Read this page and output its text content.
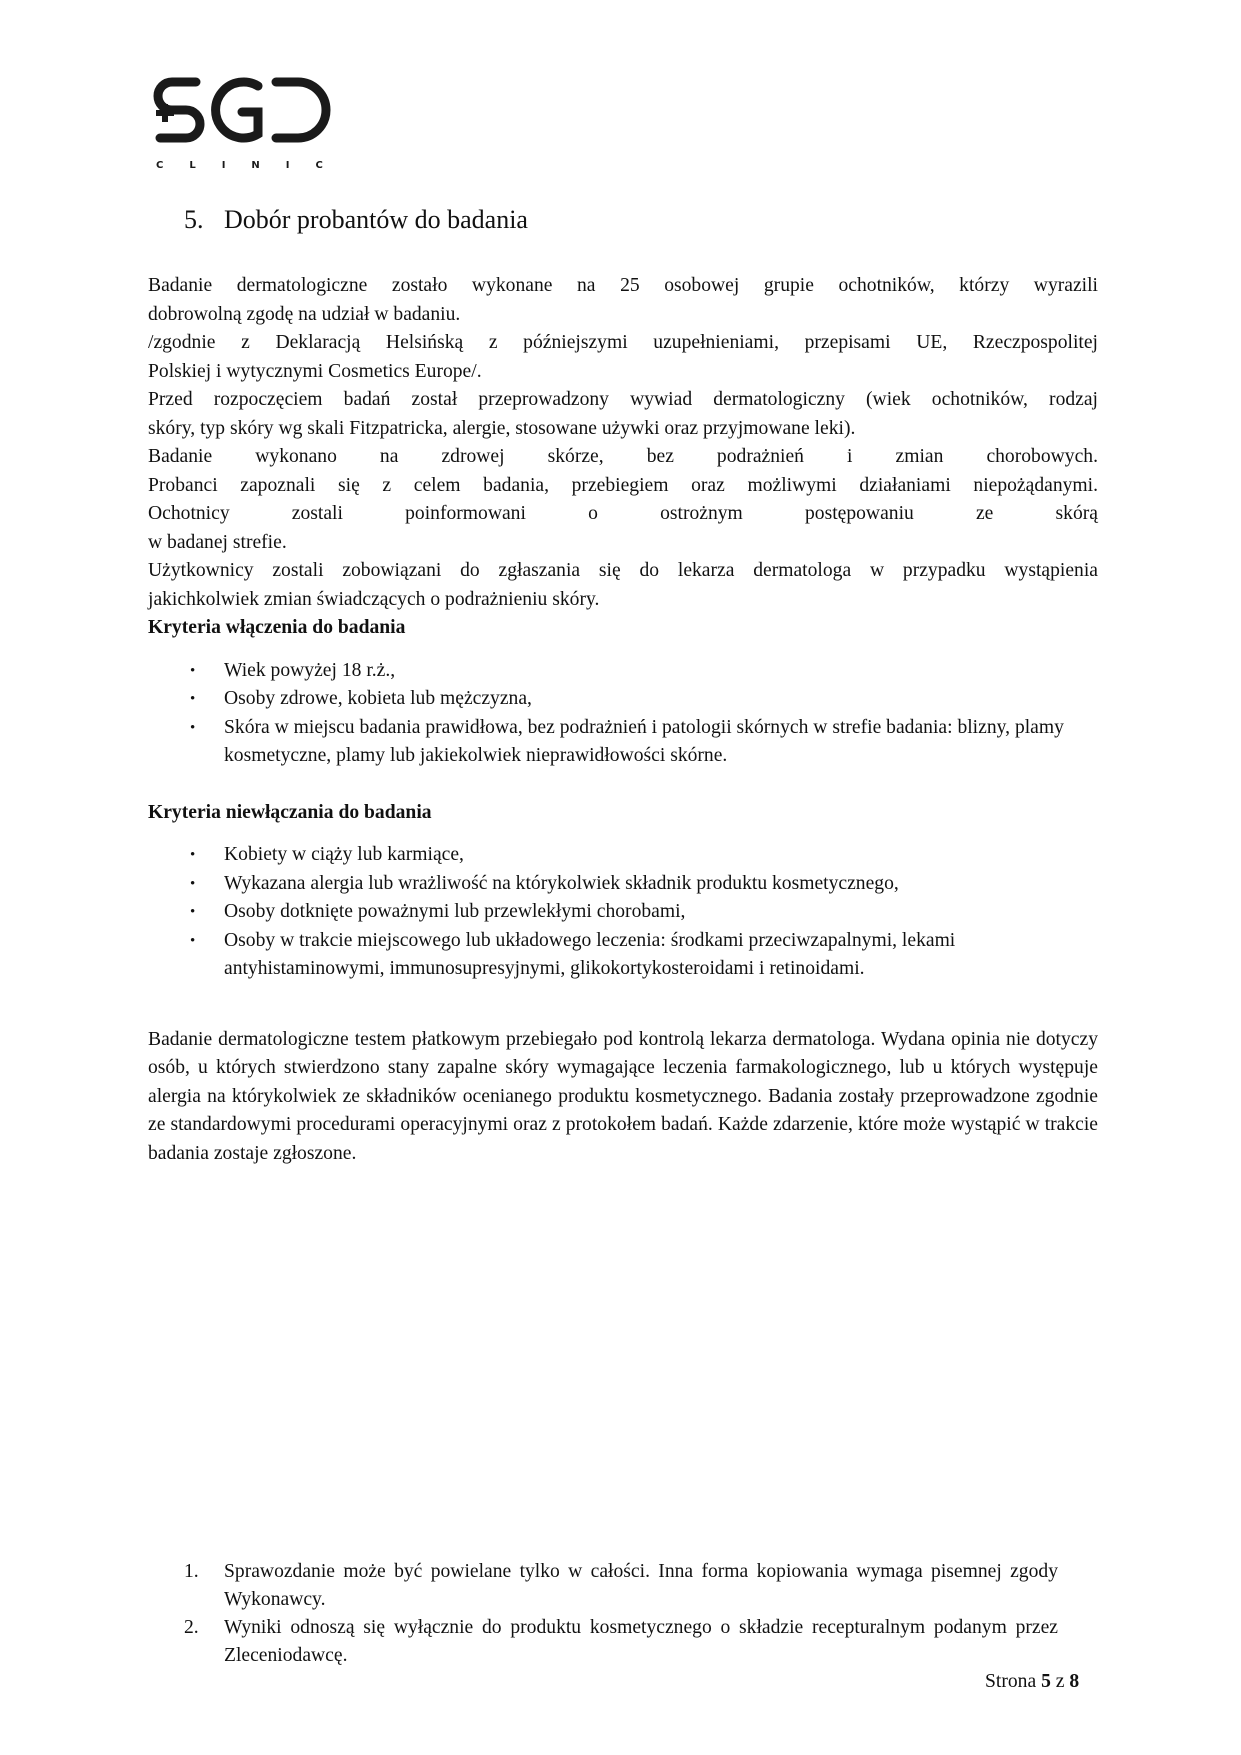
CLINIC
5. Dobór probantów do badania

Badanie dermatologiczne zostało wykonane na 25 osobowej grupie ochotników, którzy wyrazili

dobrowolną zgodę na udział w badaniu.

/zgodnie z Deklaracją Helsińską z późniejszymi uzupełnieniami, przepisami UE, Rzeczpospolitej

Polskiej i wytycznymi Cosmetics Europe/.

Przed rozpoczęciem badań został przeprowadzony wywiad dermatologiczny (wiek ochotników, rodzaj

skóry, typ skóry wg skali Fitzpatricka, alergie, stosowane używki oraz przyjmowane leki).

Badanie wykonano na zdrowej skórze, bez podrażnień i zmian chorobowych.

Probanci zapoznali się z celem badania, przebiegiem oraz możliwymi działaniami niepożądanymi.

Ochotnicy zostali poinformowani o ostrożnym postępowaniu ze skórą

w badanej strefie.

Użytkownicy zostali zobowiązani do zgłaszania się do lekarza dermatologa w przypadku wystąpienia

jakichkolwiek zmian świadczących o podrażnieniu skóry.

Kryteria włączenia do badania

• Wiek powyżej 18 r.ż.,
• Osoby zdrowe, kobieta lub mężczyzna,
• Skóra w miejscu badania prawidłowa, bez podrażnień i patologii skórnych w strefie badania: blizny, plamy kosmetyczne, plamy lub jakiekolwiek nieprawidłowości skórne.

Kryteria niewłączania do badania

• Kobiety w ciąży lub karmiące,
• Wykazana alergia lub wrażliwość na którykolwiek składnik produktu kosmetycznego,
• Osoby dotknięte poważnymi lub przewlekłymi chorobami,
• Osoby w trakcie miejscowego lub układowego leczenia: środkami przeciwzapalnymi, lekami antyhistaminowymi, immunosupresyjnymi, glikokortykosteroidami i retinoidami.

Badanie dermatologiczne testem płatkowym przebiegało pod kontrolą lekarza dermatologa. Wydana opinia nie dotyczy osób, u których stwierdzono stany zapalne skóry wymagające leczenia farmakologicznego, lub u których występuje alergia na którykolwiek ze składników ocenianego produktu kosmetycznego. Badania zostały przeprowadzone zgodnie ze standardowymi procedurami operacyjnymi oraz z protokołem badań. Każde zdarzenie, które może wystąpić w trakcie badania zostaje zgłoszone.

1. Sprawozdanie może być powielane tylko w całości. Inna forma kopiowania wymaga pisemnej zgody Wykonawcy.
2. Wyniki odnoszą się wyłącznie do produktu kosmetycznego o składzie recepturalnym podanym przez Zleceniodawcę.
Strona 5 z 8
